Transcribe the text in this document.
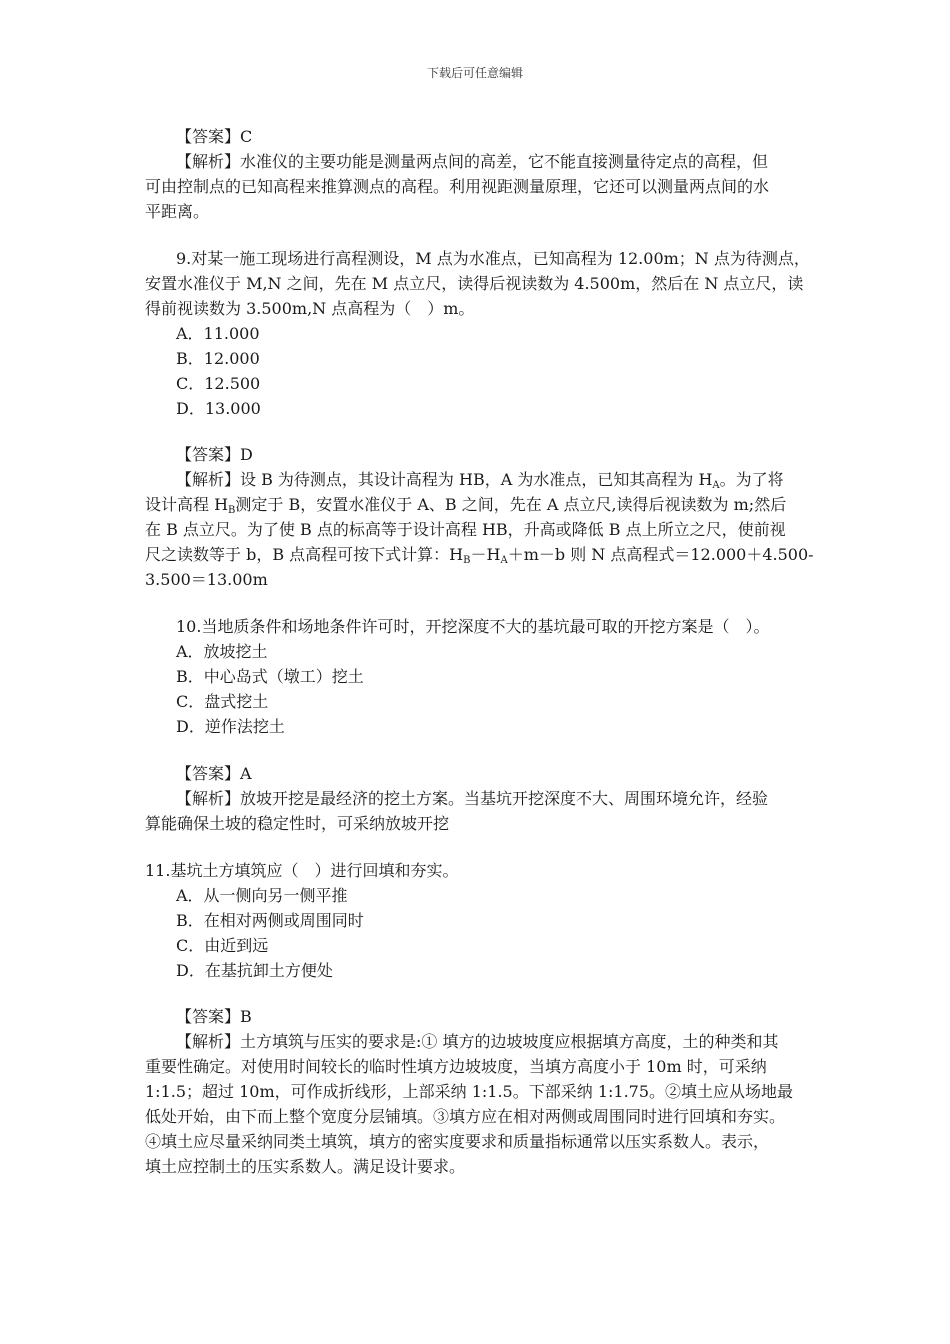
下载后可任意编辑
【答案】C
【解析】水准仪的主要功能是测量两点间的高差，它不能直接测量待定点的高程，但
可由控制点的已知高程来推算测点的高程。利用视距测量原理，它还可以测量两点间的水
平距离。
9.对某一施工现场进行高程测设，M 点为水准点，已知高程为 12.00m；N 点为待测点，
安置水准仪于 M,N 之间，先在 M 点立尺，读得后视读数为 4.500m，然后在 N 点立尺，读
得前视读数为 3.500m,N 点高程为（　）m。
A．11.000
B．12.000
C．12.500
D．13.000
【答案】D
【解析】设 B 为待测点，其设计高程为 HB，A 为水准点，已知其高程为 $H_A$。为了将
设计高程 $H_B$测定于 B，安置水准仪于 A、B 之间，先在 A 点立尺,读得后视读数为 m;然后
在 B 点立尺。为了使 B 点的标高等于设计高程 HB，升高或降低 B 点上所立之尺，使前视
尺之读数等于 b，B 点高程可按下式计算：$H_B-H_A+m-b$ 则 N 点高程式＝12.000＋4.500-
3.500＝13.00m
10.当地质条件和场地条件许可时，开挖深度不大的基坑最可取的开挖方案是（　）。
A．放坡挖土
B．中心岛式（墩工）挖土
C．盘式挖土
D．逆作法挖土
【答案】A
【解析】放坡开挖是最经济的挖土方案。当基坑开挖深度不大、周围环境允许，经验
算能确保土坡的稳定性时，可采纳放坡开挖
11.基坑土方填筑应（　）进行回填和夯实。
A．从一侧向另一侧平推
B．在相对两侧或周围同时
C．由近到远
D．在基抗卸土方便处
【答案】B
【解析】土方填筑与压实的要求是:① 填方的边坡坡度应根据填方高度，土的种类和其
重要性确定。对使用时间较长的临时性填方边坡坡度，当填方高度小于 10m 时，可采纳
1:1.5；超过 10m，可作成折线形，上部采纳 1:1.5。下部采纳 1:1.75。②填土应从场地最
低处开始，由下而上整个宽度分层铺填。③填方应在相对两侧或周围同时进行回填和夯实。
④填土应尽量采纳同类土填筑，填方的密实度要求和质量指标通常以压实系数人。表示，
填土应控制土的压实系数人。满足设计要求。
